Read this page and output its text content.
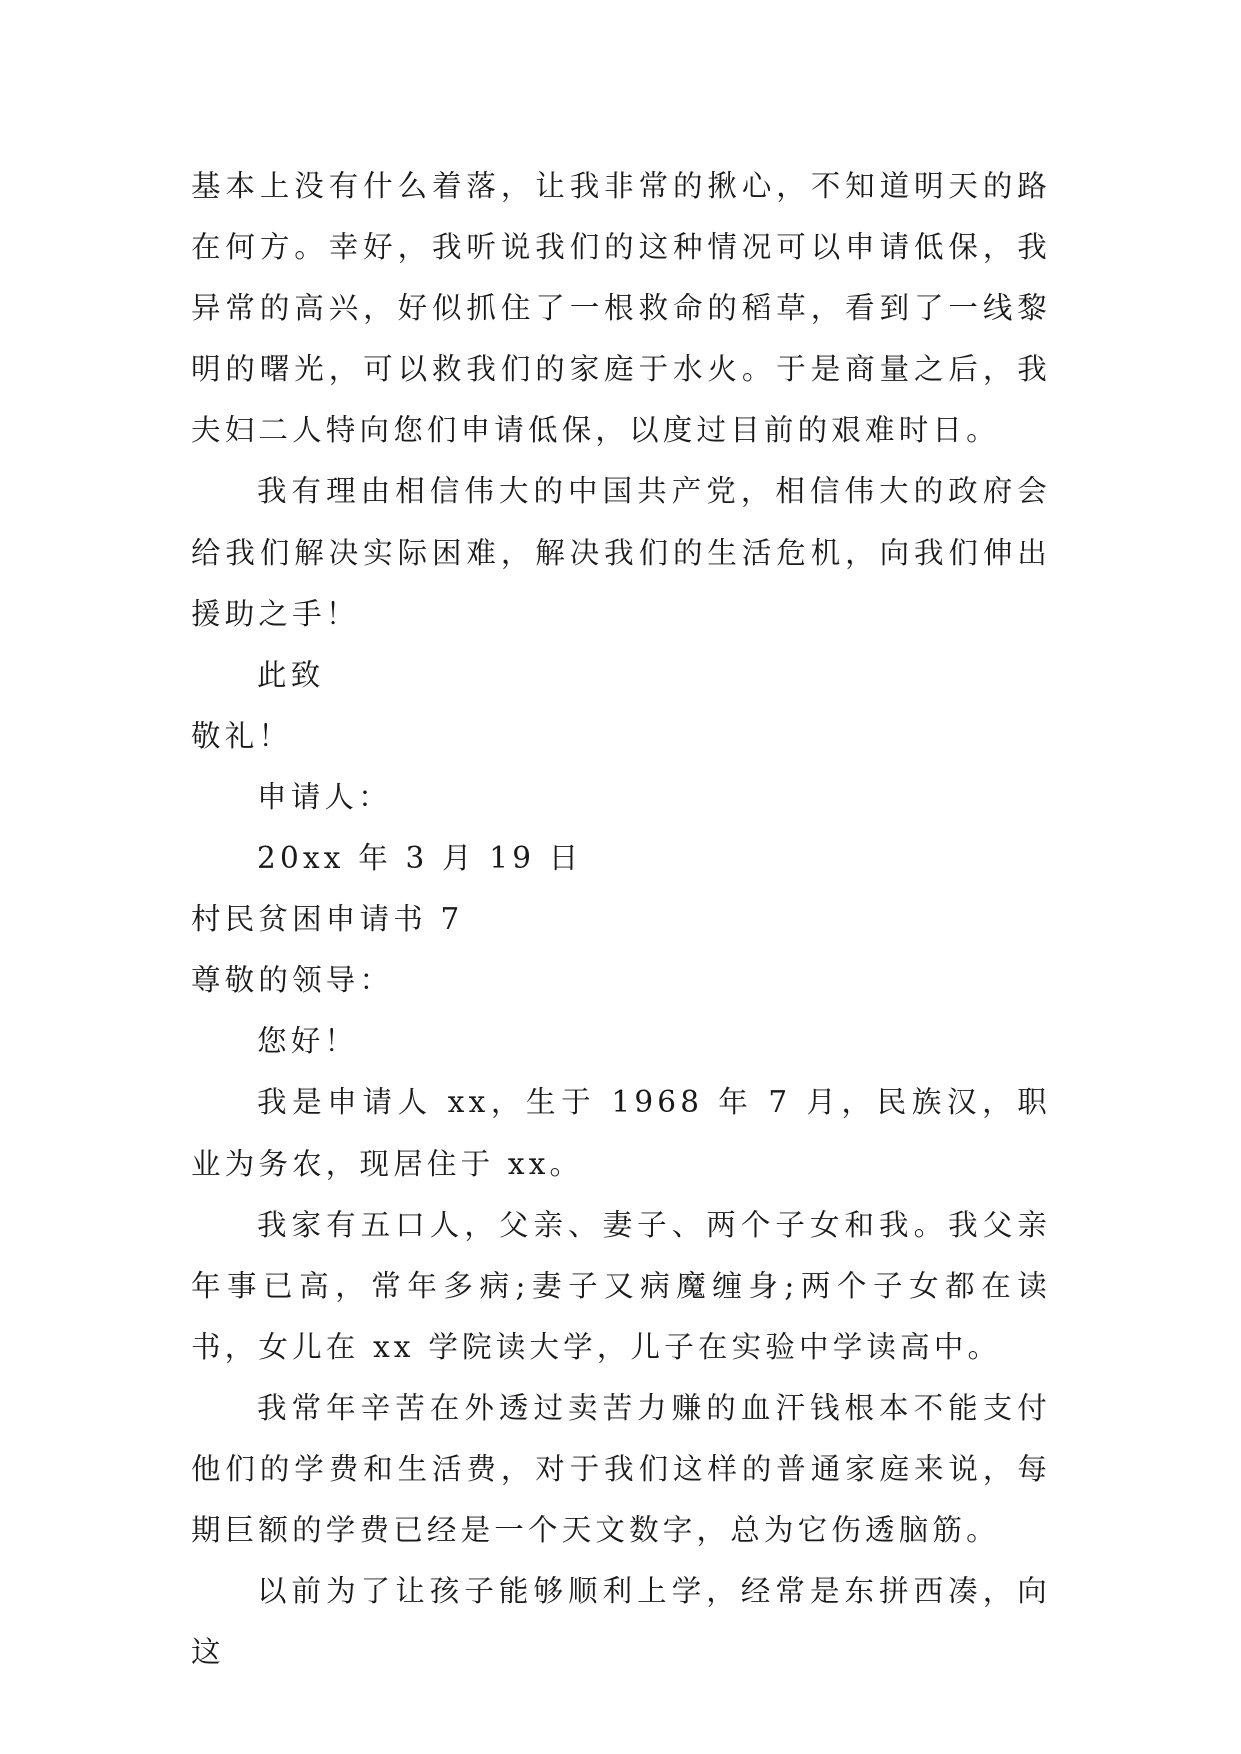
基本上没有什么着落，让我非常的揪心，不知道明天的路在何方。幸好，我听说我们的这种情况可以申请低保，我异常的高兴，好似抓住了一根救命的稻草，看到了一线黎明的曙光，可以救我们的家庭于水火。于是商量之后，我夫妇二人特向您们申请低保，以度过目前的艰难时日。

我有理由相信伟大的中国共产党，相信伟大的政府会给我们解决实际困难，解决我们的生活危机，向我们伸出援助之手！

此致

敬礼！

申请人：

20xx 年 3 月 19 日

村民贫困申请书 7

尊敬的领导：

您好！

我是申请人 xx，生于 1968 年 7 月，民族汉，职业为务农，现居住于 xx。

我家有五口人，父亲、妻子、两个子女和我。我父亲年事已高，常年多病;妻子又病魔缠身;两个子女都在读书，女儿在 xx 学院读大学，儿子在实验中学读高中。

我常年辛苦在外透过卖苦力赚的血汗钱根本不能支付他们的学费和生活费，对于我们这样的普通家庭来说，每期巨额的学费已经是一个天文数字，总为它伤透脑筋。

以前为了让孩子能够顺利上学，经常是东拼西凑，向这
